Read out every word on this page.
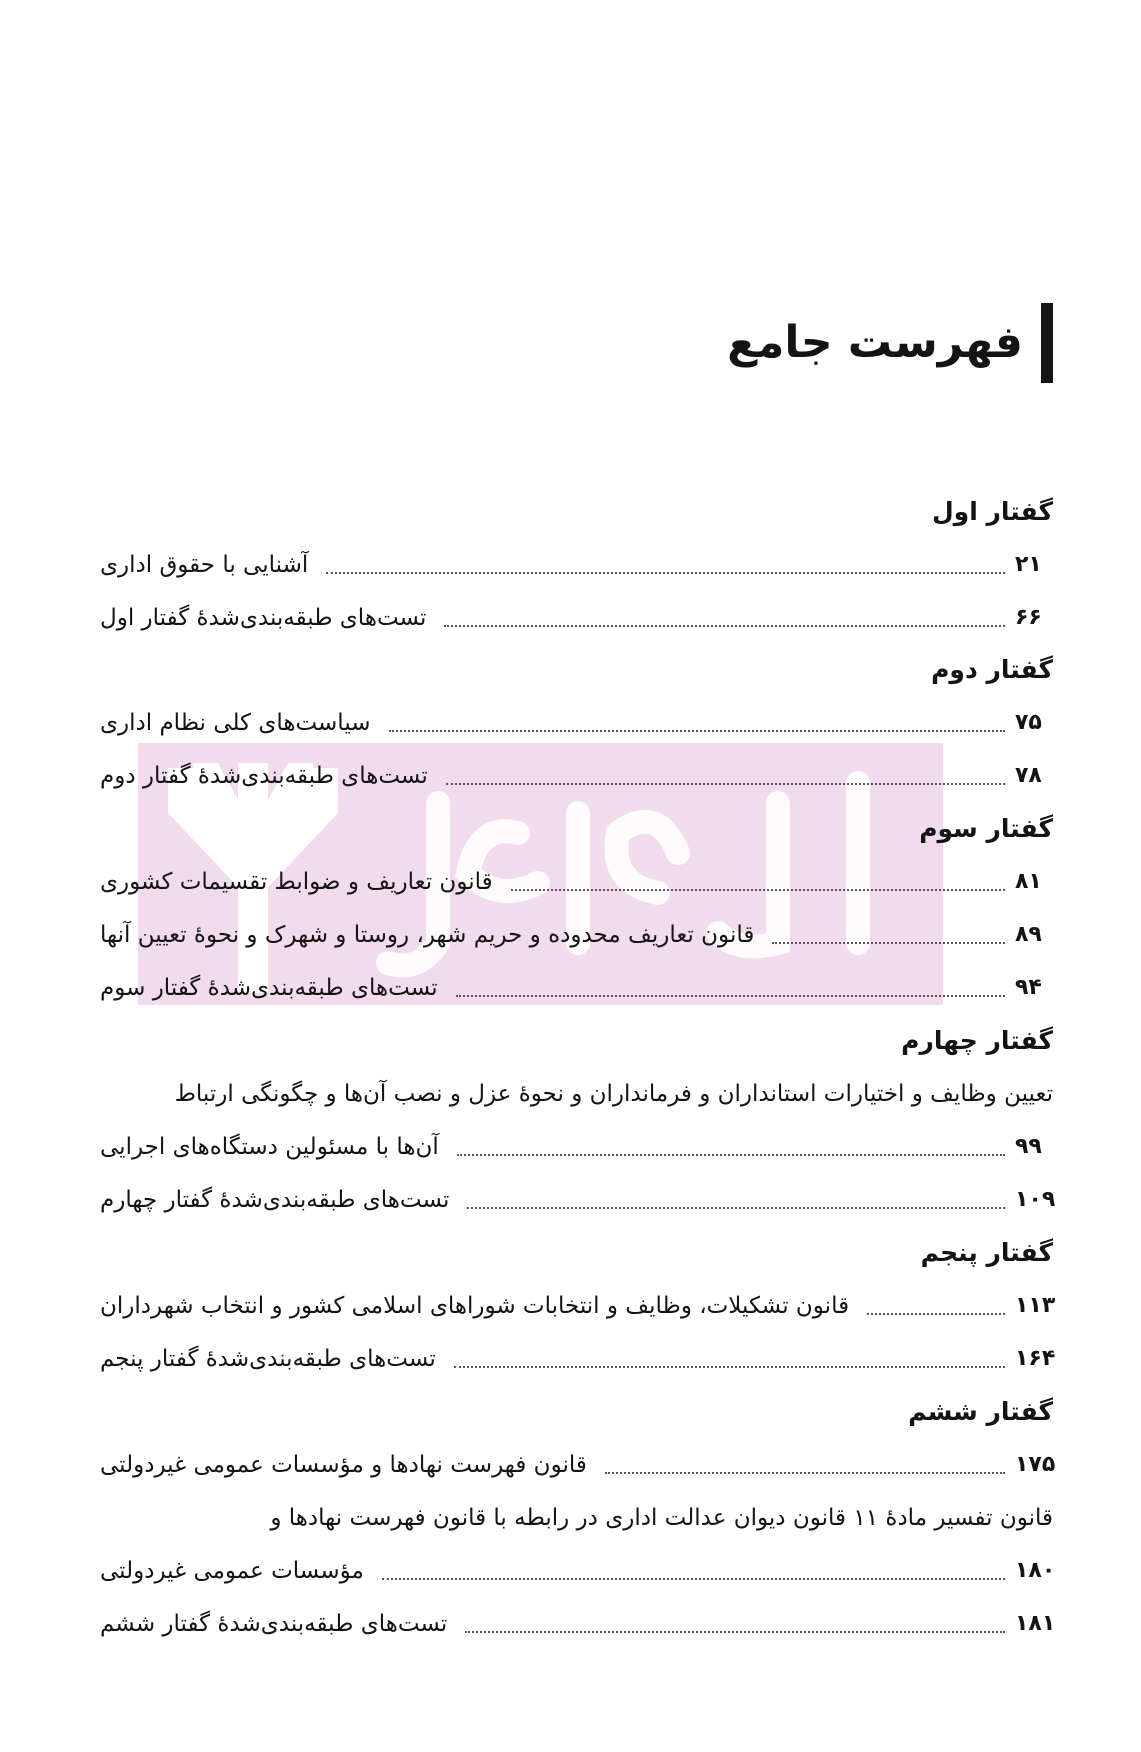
فهرست جامع
گفتار اول
آشنایی با حقوق اداری	۲۱
تست‌های طبقه‌بندی‌شدهٔ گفتار اول	۶۶
گفتار دوم
سیاست‌های کلی نظام اداری	۷۵
تست‌های طبقه‌بندی‌شدهٔ گفتار دوم	۷۸
گفتار سوم
قانون تعاریف و ضوابط تقسیمات کشوری	۸۱
قانون تعاریف محدوده و حریم شهر، روستا و شهرک و نحوهٔ تعیین آنها	۸۹
تست‌های طبقه‌بندی‌شدهٔ گفتار سوم	۹۴
گفتار چهارم
تعیین وظایف و اختیارات استانداران و فرمانداران و نحوهٔ عزل و نصب آن‌ها و چگونگی ارتباط
آن‌ها با مسئولین دستگاه‌های اجرایی	۹۹
تست‌های طبقه‌بندی‌شدهٔ گفتار چهارم	۱۰۹
گفتار پنجم
قانون تشکیلات، وظایف و انتخابات شوراهای اسلامی کشور و انتخاب شهرداران	۱۱۳
تست‌های طبقه‌بندی‌شدهٔ گفتار پنجم	۱۶۴
گفتار ششم
قانون فهرست نهادها و مؤسسات عمومی غیردولتی	۱۷۵
قانون تفسیر مادهٔ ۱۱ قانون دیوان عدالت اداری در رابطه با قانون فهرست نهادها و
مؤسسات عمومی غیردولتی	۱۸۰
تست‌های طبقه‌بندی‌شدهٔ گفتار ششم	۱۸۱
